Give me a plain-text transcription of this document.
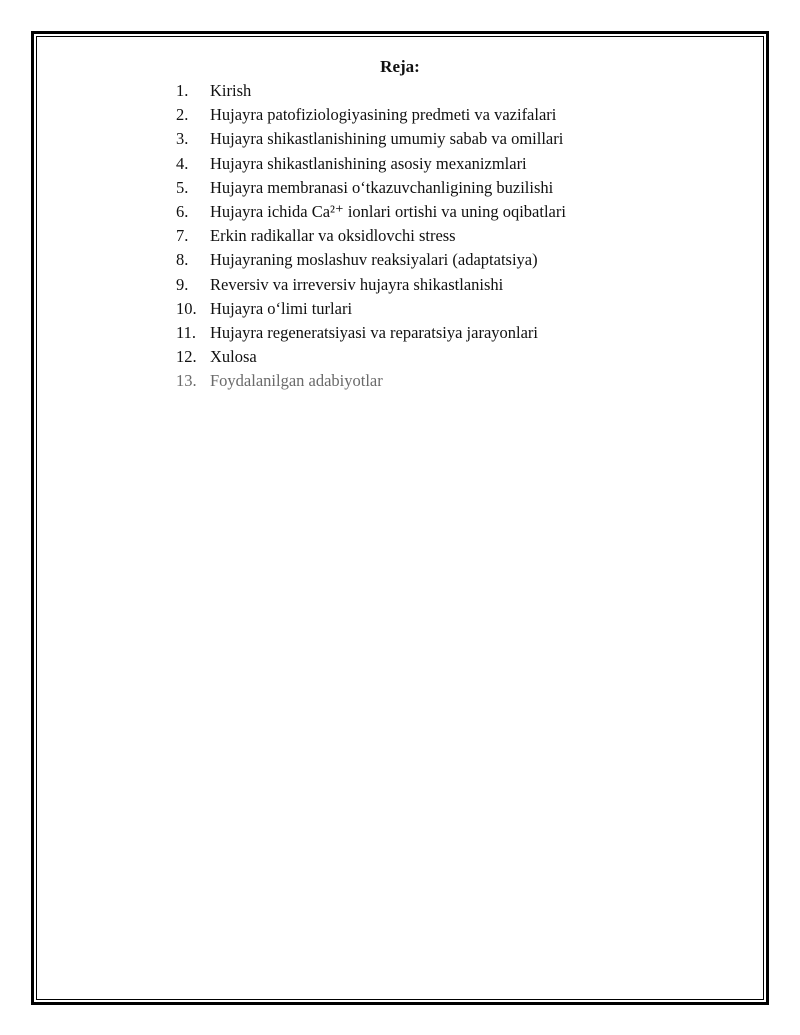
Reja:
1.	Kirish
2.	Hujayra patofiziologiyasining predmeti va vazifalari
3.	Hujayra shikastlanishining umumiy sabab va omillari
4.	Hujayra shikastlanishining asosiy mexanizmlari
5.	Hujayra membranasi o‘tkazuvchanligining buzilishi
6.	Hujayra ichida Ca²⁺ ionlari ortishi va uning oqibatlari
7.	Erkin radikallar va oksidlovchi stress
8.	Hujayraning moslashuv reaksiyalari (adaptatsiya)
9.	Reversiv va irreversiv hujayra shikastlanishi
10. Hujayra o‘limi turlari
11. Hujayra regeneratsiyasi va reparatsiya jarayonlari
12. Xulosa
13. Foydalanilgan adabiyotlar
